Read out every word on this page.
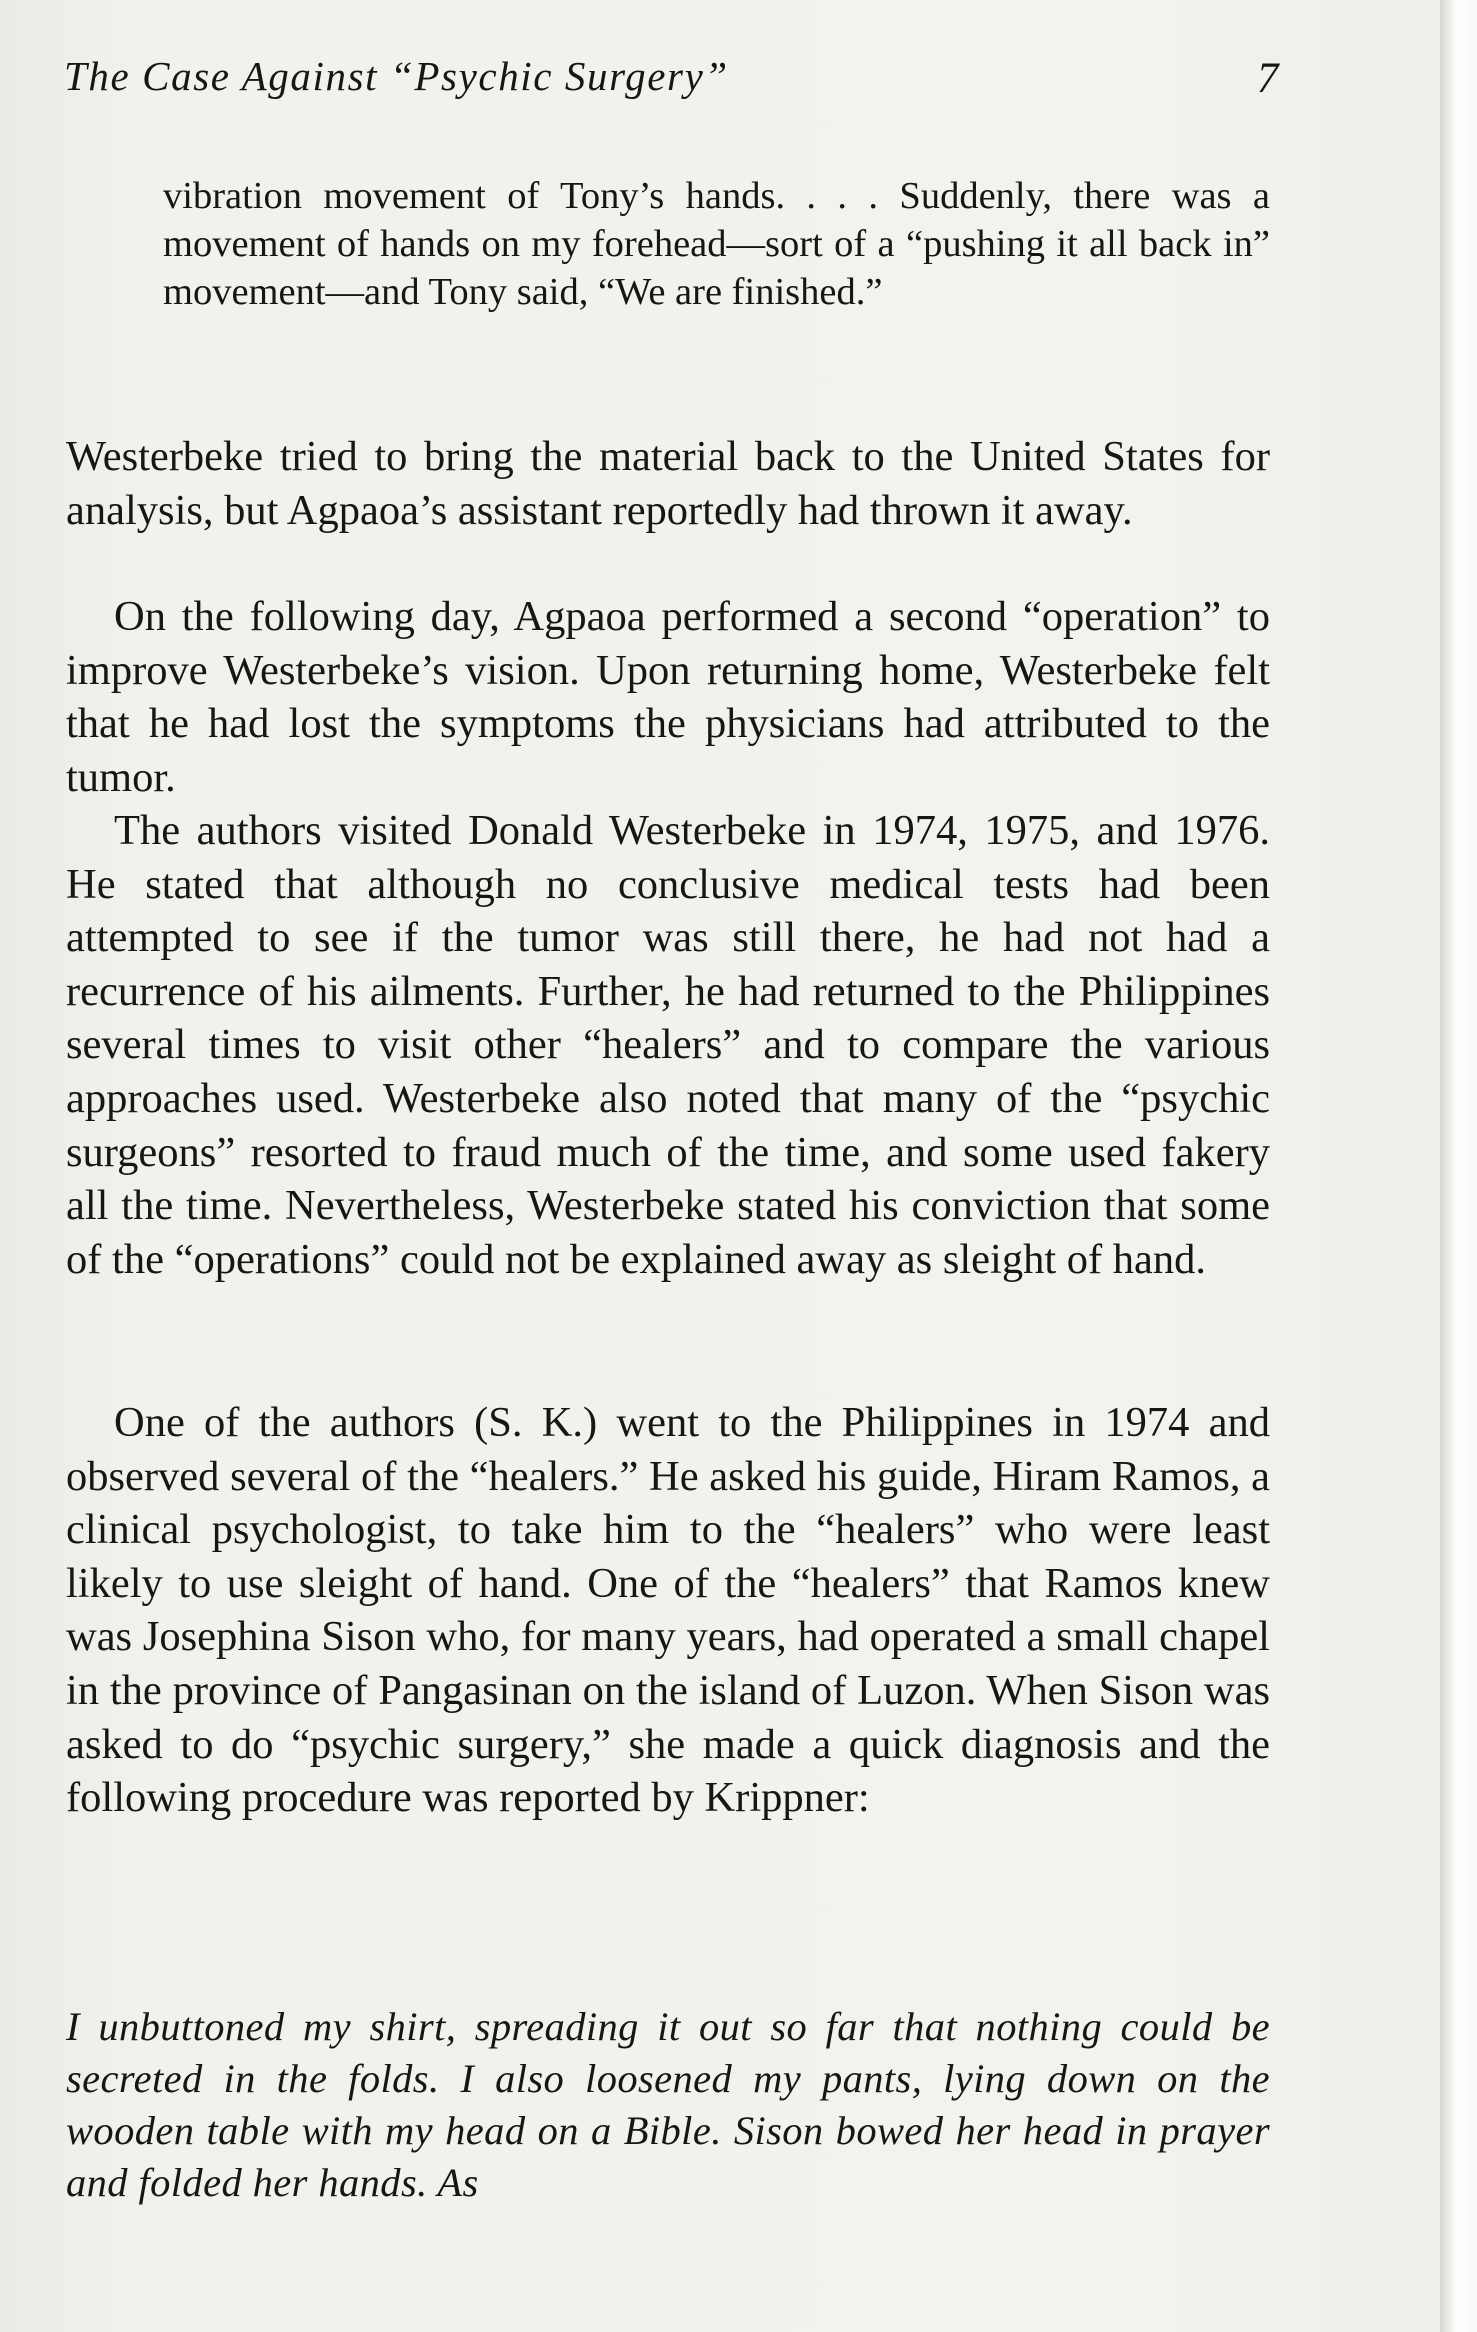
The Case Against “Psychic Surgery”	7

vibration movement of Tony’s hands. . . . Suddenly, there was a movement of hands on my forehead—sort of a “pushing it all back in” movement—and Tony said, “We are finished.”

Westerbeke tried to bring the material back to the United States for analysis, but Agpaoa’s assistant reportedly had thrown it away.

On the following day, Agpaoa performed a second “operation” to improve Westerbeke’s vision. Upon returning home, Westerbeke felt that he had lost the symptoms the physicians had attributed to the tumor.

The authors visited Donald Westerbeke in 1974, 1975, and 1976. He stated that although no conclusive medical tests had been attempted to see if the tumor was still there, he had not had a recurrence of his ailments. Further, he had returned to the Philippines several times to visit other “healers” and to compare the various approaches used. Westerbeke also noted that many of the “psychic surgeons” resorted to fraud much of the time, and some used fakery all the time. Nevertheless, Westerbeke stated his conviction that some of the “operations” could not be explained away as sleight of hand.

One of the authors (S. K.) went to the Philippines in 1974 and observed several of the “healers.” He asked his guide, Hiram Ramos, a clinical psychologist, to take him to the “healers” who were least likely to use sleight of hand. One of the “healers” that Ramos knew was Josephina Sison who, for many years, had operated a small chapel in the province of Pangasinan on the island of Luzon. When Sison was asked to do “psychic surgery,” she made a quick diagnosis and the following procedure was reported by Krippner:

I unbuttoned my shirt, spreading it out so far that nothing could be secreted in the folds. I also loosened my pants, lying down on the wooden table with my head on a Bible. Sison bowed her head in prayer and folded her hands. As
